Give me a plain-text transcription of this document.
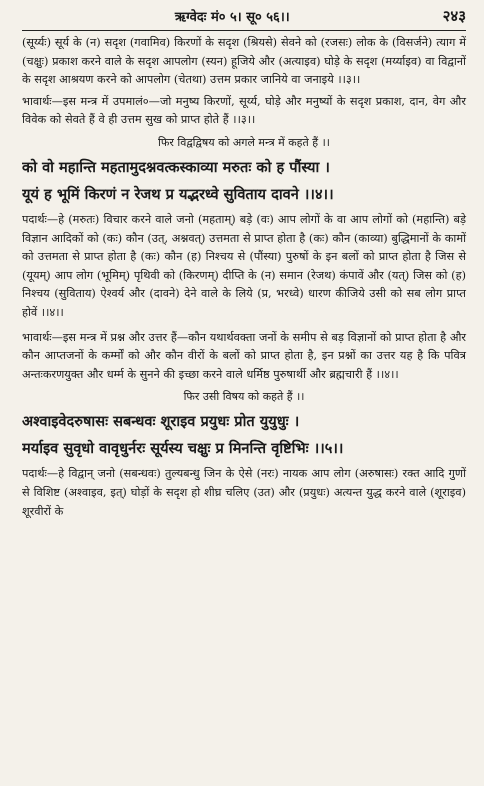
ऋग्वेदः मं० ५। सू० ५६।।	२४३

(सूर्य्यः) सूर्य के (न) सदृश (गवामिव) किरणों के सदृश (श्रियसे) सेवने को (रजसः) लोक के (विसर्जने) त्याग में (चक्षुः) प्रकाश करने वाले के सदृश आपलोग (स्यन) हूजिये और (अत्याइव) घोड़े के सदृश (मर्य्याइव) वा विद्वानों के सदृश आश्रयण करने को आपलोग (चेतथा) उत्तम प्रकार जानिये वा जनाइये ।।३।।

भावार्थः—इस मन्त्र में उपमालं०—जो मनुष्य किरणों, सूर्य्य, घोड़े और मनुष्यों के सदृश प्रकाश, दान, वेग और विवेक को सेवते हैं वे ही उत्तम सुख को प्राप्त होते हैं ।।३।।

फिर विद्वद्विषय को अगले मन्त्र में कहते हैं ।।
को वो महान्ति महतामुदश्नवत्कस्काव्या मरुतः को ह पौंस्या ।
यूयं ह भूमिं किरणं न रेजथ प्र यद्भरध्वे सुविताय दावने ।।४।।

पदार्थः—हे (मरुतः) विचार करने वाले जनो (महताम्) बड़े (वः) आप लोगों के वा आप लोगों को (महान्ति) बड़े विज्ञान आदिकों को (कः) कौन (उत्, अश्नवत्) उत्तमता से प्राप्त होता है (कः) कौन (काव्या) बुद्धिमानों के कामों को उत्तमता से प्राप्त होता है (कः) कौन (ह) निश्चय से (पौंस्या) पुरुषों के इन बलों को प्राप्त होता है जिस से (यूयम्) आप लोग (भूमिम्) पृथिवी को (किरणम्) दीप्ति के (न) समान (रेजथ) कंपावें और (यत्) जिस को (ह) निश्चय (सुविताय) ऐश्वर्य और (दावने) देने वाले के लिये (प्र, भरध्वे) धारण कीजिये उसी को सब लोग प्राप्त होवें ।।४।।

भावार्थः—इस मन्त्र में प्रश्न और उत्तर हैं—कौन यथार्थवक्ता जनों के समीप से बड़ विज्ञानों को प्राप्त होता है और कौन आप्तजनों के कर्म्मों को और कौन वीरों के बलों को प्राप्त होता है, इन प्रश्नों का उत्तर यह है कि पवित्र अन्तःकरणयुक्त और धर्म्म के सुनने की इच्छा करने वाले धर्मिष्ठ पुरुषार्थी और ब्रह्मचारी हैं ।।४।।

फिर उसी विषय को कहते हैं ।।
अश्वाइवेदरुषासः सबन्धवः शूराइव प्रयुधः प्रोत युयुधुः ।
मर्याइव सुवृधो वावृधुर्नरः सूर्यस्य चक्षुः प्र मिनन्ति वृष्टिभिः ।।५।।

पदार्थः—हे विद्वान् जनो (सबन्धवः) तुल्यबन्धु जिन के ऐसे (नरः) नायक आप लोग (अरुषासः) रक्त आदि गुणों से विशिष्ट (अश्वाइव, इत्) घोड़ों के सदृश हो शीघ्र चलिए (उत) और (प्रयुधः) अत्यन्त युद्ध करने वाले (शूराइव) शूरवीरों के
